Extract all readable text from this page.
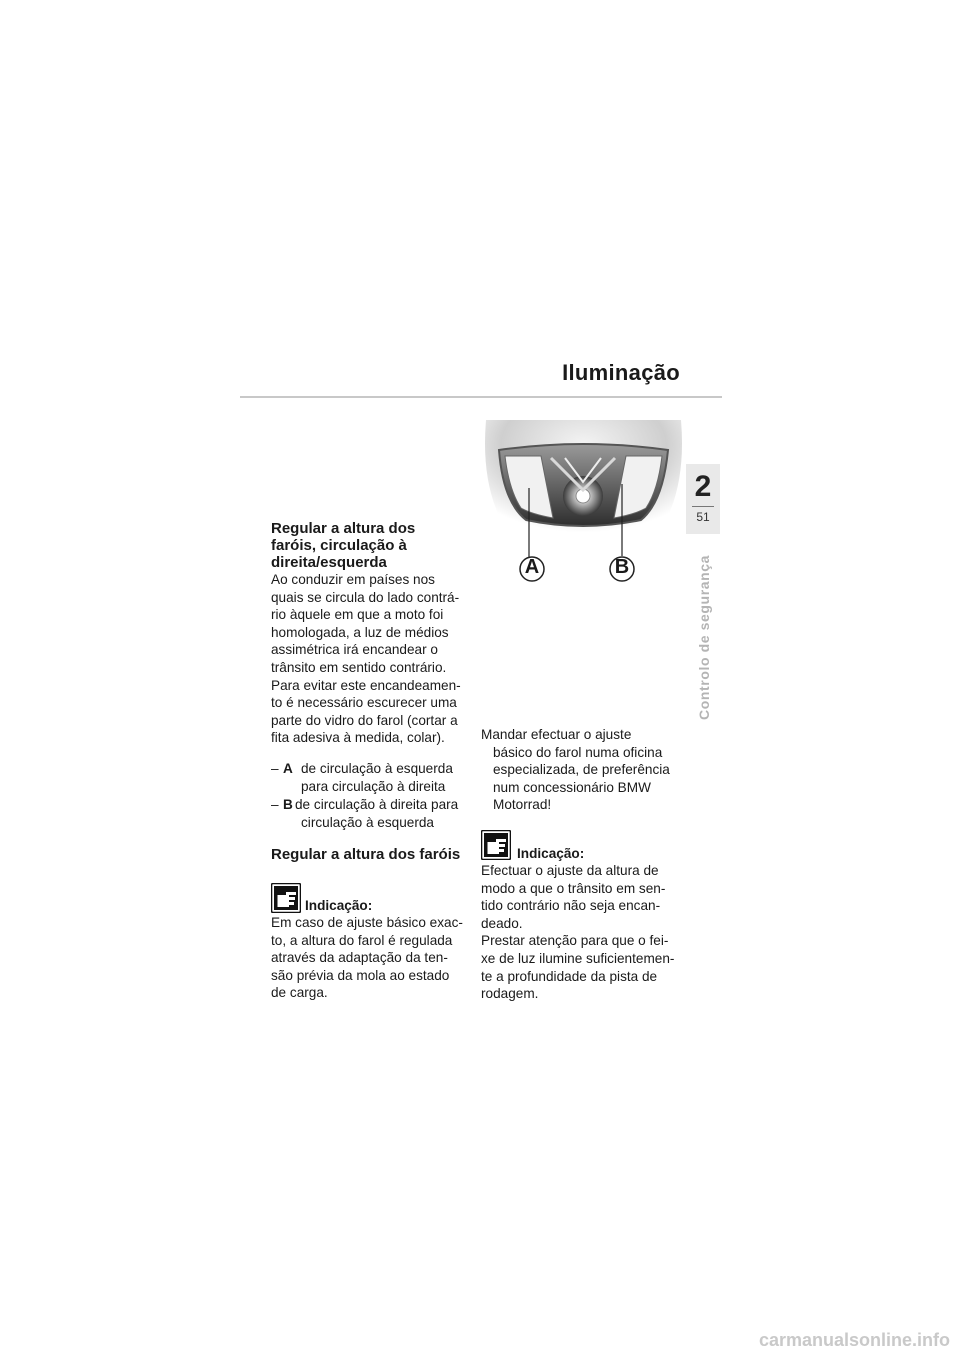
Iluminação
2
51
Controlo de segurança
Regular a altura dos
faróis, circulação à
direita/esquerda
Ao conduzir em países nos
quais se circula do lado contrá-
rio àquele em que a moto foi
homologada, a luz de médios
assimétrica irá encandear o
trânsito em sentido contrário.
Para evitar este encandeamen-
to é necessário escurecer uma
parte do vidro do farol (cortar a
fita adesiva à medida, colar).
– A de circulação à esquerda
para circulação à direita
– B de circulação à direita para
circulação à esquerda
Regular a altura dos faróis
Indicação:
Em caso de ajuste básico exac-
to, a altura do farol é regulada
através da adaptação da ten-
são prévia da mola ao estado
de carga.
A	B
Mandar efectuar o ajuste
básico do farol numa oficina
especializada, de preferência
num concessionário BMW
Motorrad!
Indicação:
Efectuar o ajuste da altura de
modo a que o trânsito em sen-
tido contrário não seja encan-
deado.
Prestar atenção para que o fei-
xe de luz ilumine suficientemen-
te a profundidade da pista de
rodagem.
carmanualsonline.info
